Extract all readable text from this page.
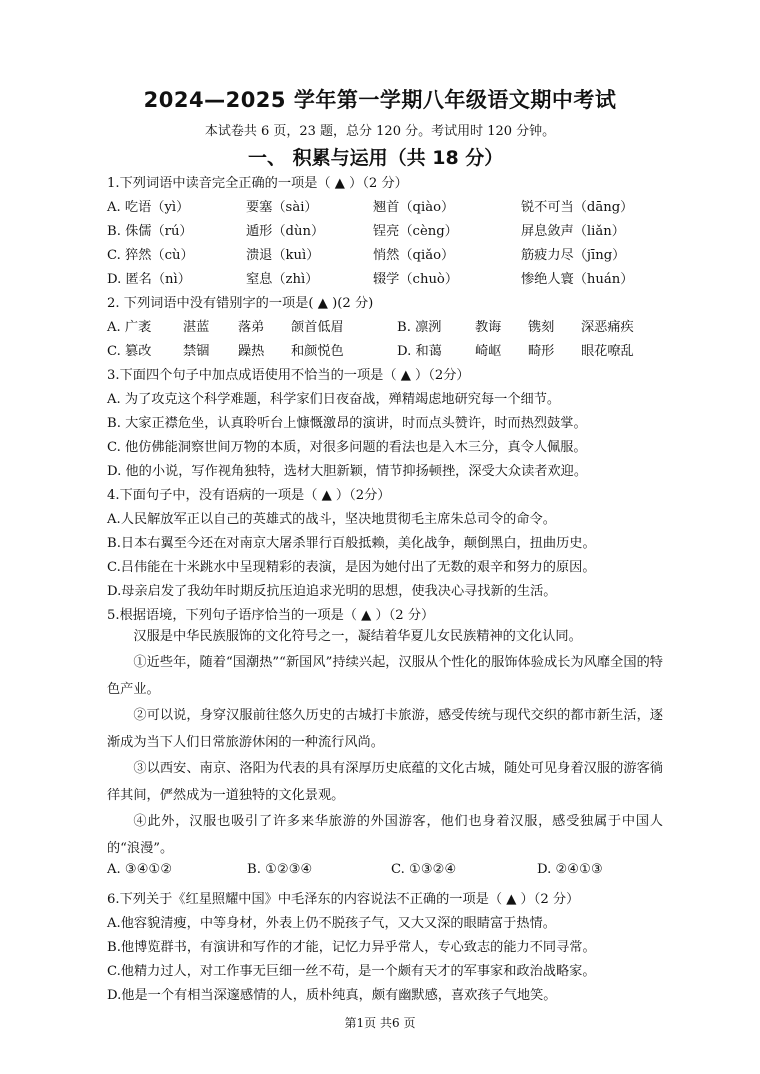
2024—2025 学年第一学期八年级语文期中考试
本试卷共 6 页，23 题，总分 120 分。考试用时 120 分钟。
一、 积累与运用（共 18 分）
1.下列词语中读音完全正确的一项是（ ▲ ）（2 分）
A. 吃语（yì）	要塞（sài）	翘首（qiào）	锐不可当（dāng）
B. 侏儒（rú）	遁形（dùn）	锃亮（cèng）	屏息敛声（liǎn）
C. 猝然（cù）	溃退（kuì）	悄然（qiǎo）	筋疲力尽（jīng）
D. 匿名（nì）	窒息（zhì）	辍学（chuò）	惨绝人寰（huán）
2. 下列词语中没有错别字的一项是( ▲ )(2 分)
A. 广袤 湛蓝 落弟 颌首低眉	B. 凛洌	教诲 镌刻 深恶痛疾
C. 篡改 禁锢 躁热 和颜悦色	D. 和蔼	崎岖 畸形 眼花嘹乱
3.下面四个句子中加点成语使用不恰当的一项是（ ▲ ）（2分）
A. 为了攻克这个科学难题，科学家们日夜奋战，殚精竭虑地研究每一个细节。
B. 大家正襟危坐，认真聆听台上慷慨激昂的演讲，时而点头赞许，时而热烈鼓掌。
C. 他仿佛能洞察世间万物的本质，对很多问题的看法也是入木三分，真令人佩服。
D. 他的小说，写作视角独特，选材大胆新颖，情节抑扬顿挫，深受大众读者欢迎。
4.下面句子中，没有语病的一项是（ ▲ ）（2分）
A.人民解放军正以自己的英雄式的战斗，坚决地贯彻毛主席朱总司令的命令。
B.日本右翼至今还在对南京大屠杀罪行百般抵赖，美化战争，颠倒黑白，扭曲历史。
C.吕伟能在十米跳水中呈现精彩的表演，是因为她付出了无数的艰辛和努力的原因。
D.母亲启发了我幼年时期反抗压迫追求光明的思想，使我决心寻找新的生活。
5.根据语境，下列句子语序恰当的一项是（ ▲ ）（2 分）
汉服是中华民族服饰的文化符号之一，凝结着华夏儿女民族精神的文化认同。
①近些年，随着“国潮热”“新国风”持续兴起，汉服从个性化的服饰体验成长为风靡全国的特色产业。
②可以说，身穿汉服前往悠久历史的古城打卡旅游，感受传统与现代交织的都市新生活，逐渐成为当下人们日常旅游休闲的一种流行风尚。
③以西安、南京、洛阳为代表的具有深厚历史底蕴的文化古城，随处可见身着汉服的游客徜徉其间，俨然成为一道独特的文化景观。
④此外，汉服也吸引了许多来华旅游的外国游客，他们也身着汉服，感受独属于中国人的“浪漫”。
A. ③④①②	B. ①②③④	C. ①③②④	D. ②④①③
6.下列关于《红星照耀中国》中毛泽东的内容说法不正确的一项是（ ▲ ）（2 分）
A.他容貌清瘦，中等身材，外表上仍不脱孩子气，又大又深的眼睛富于热情。
B.他博览群书，有演讲和写作的才能，记忆力异乎常人，专心致志的能力不同寻常。
C.他精力过人，对工作事无巨细一丝不苟，是一个颇有天才的军事家和政治战略家。
D.他是一个有相当深邃感情的人，质朴纯真，颇有幽默感，喜欢孩子气地笑。
第1页 共6 页
